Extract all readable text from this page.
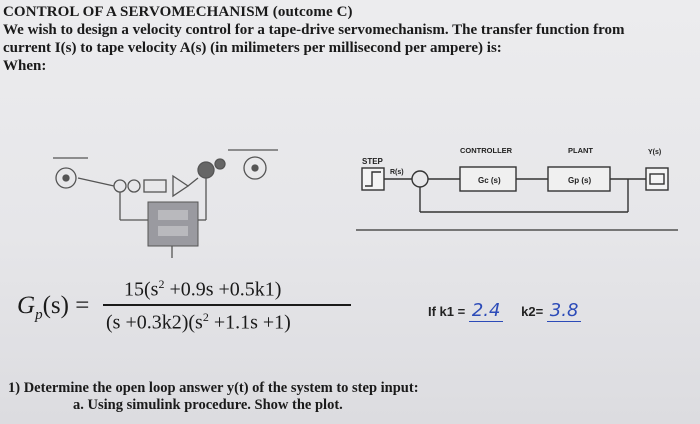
CONTROL OF A SERVOMECHANISM (outcome C)
We wish to design a velocity control for a tape-drive servomechanism. The transfer function from
current I(s) to tape velocity A(s) (in milimeters per millisecond per ampere) is:
When:
STEP
R(s)
CONTROLLER
Gc (s)
PLANT
Gp (s)
Y(s)
$G_p(s)$ =
$15(s^2 +0.9s +0.5k1)$
$(s +0.3k2)(s^2 +1.1s +1)$
If k1 = 2.4 k2= 3.8
1) Determine the open loop answer y(t) of the system to step input:
a. Using simulink procedure. Show the plot.
